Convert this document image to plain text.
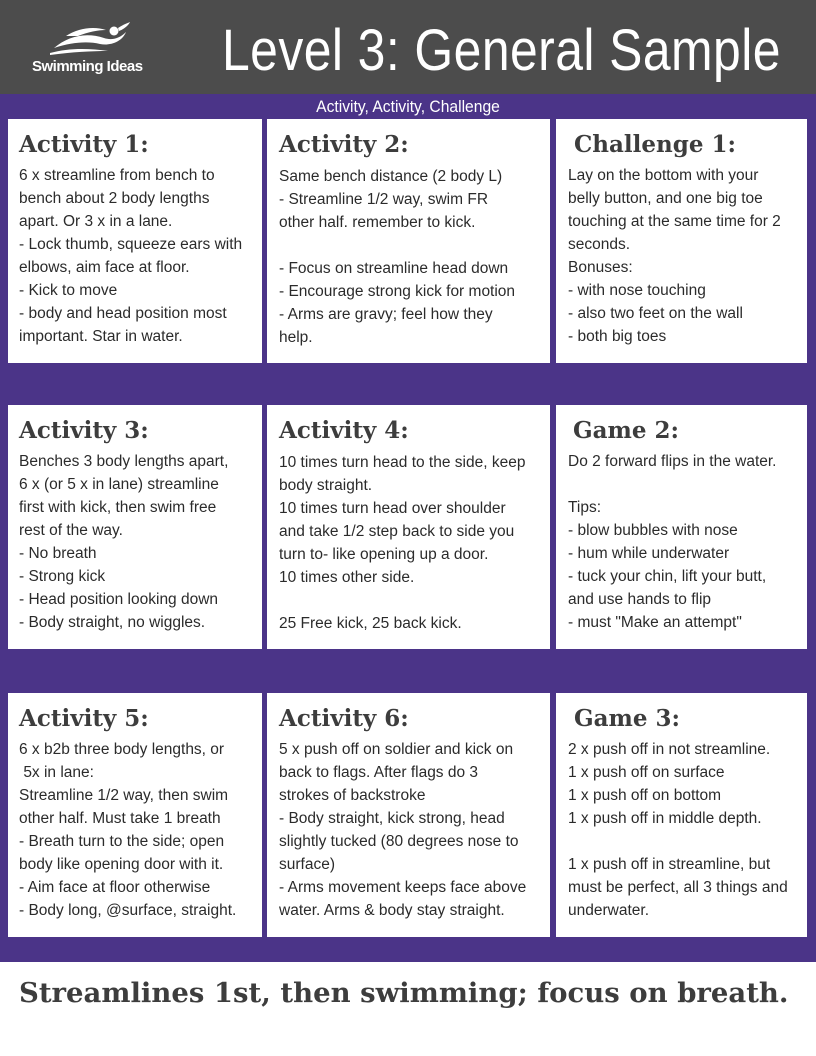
Swimming Ideas Level 3: General Sample
Activity, Activity, Challenge
Activity 1:
6 x streamline from bench to
bench about 2 body lengths
apart. Or 3 x in a lane.
- Lock thumb, squeeze ears with
elbows, aim face at floor.
- Kick to move
- body and head position most
important. Star in water.
Activity 2:
Same bench distance (2 body L)
- Streamline 1/2 way, swim FR
other half. remember to kick.

- Focus on streamline head down
- Encourage strong kick for motion
- Arms are gravy; feel how they
help.
Challenge 1:
Lay on the bottom with your
belly button, and one big toe
touching at the same time for 2
seconds.
Bonuses:
- with nose touching
- also two feet on the wall
- both big toes
Activity 3:
Benches 3 body lengths apart,
6 x (or 5 x in lane) streamline
first with kick, then swim free
rest of the way.
- No breath
- Strong kick
- Head position looking down
- Body straight, no wiggles.
Activity 4:
10 times turn head to the side, keep
body straight.
10 times turn head over shoulder
and take 1/2 step back to side you
turn to- like opening up a door.
10 times other side.

25 Free kick, 25 back kick.
Game 2:
Do 2 forward flips in the water.

Tips:
- blow bubbles with nose
- hum while underwater
- tuck your chin, lift your butt,
and use hands to flip
- must "Make an attempt"
Activity 5:
6 x b2b three body lengths, or
5x in lane:
Streamline 1/2 way, then swim
other half. Must take 1 breath
- Breath turn to the side; open
body like opening door with it.
- Aim face at floor otherwise
- Body long, @surface, straight.
Activity 6:
5 x push off on soldier and kick on
back to flags. After flags do 3
strokes of backstroke
- Body straight, kick strong, head
slightly tucked (80 degrees nose to
surface)
- Arms movement keeps face above
water. Arms & body stay straight.
Game 3:
2 x push off in not streamline.
1 x push off on surface
1 x push off on bottom
1 x push off in middle depth.

1 x push off in streamline, but
must be perfect, all 3 things and
underwater.
Streamlines 1st, then swimming; focus on breath.
